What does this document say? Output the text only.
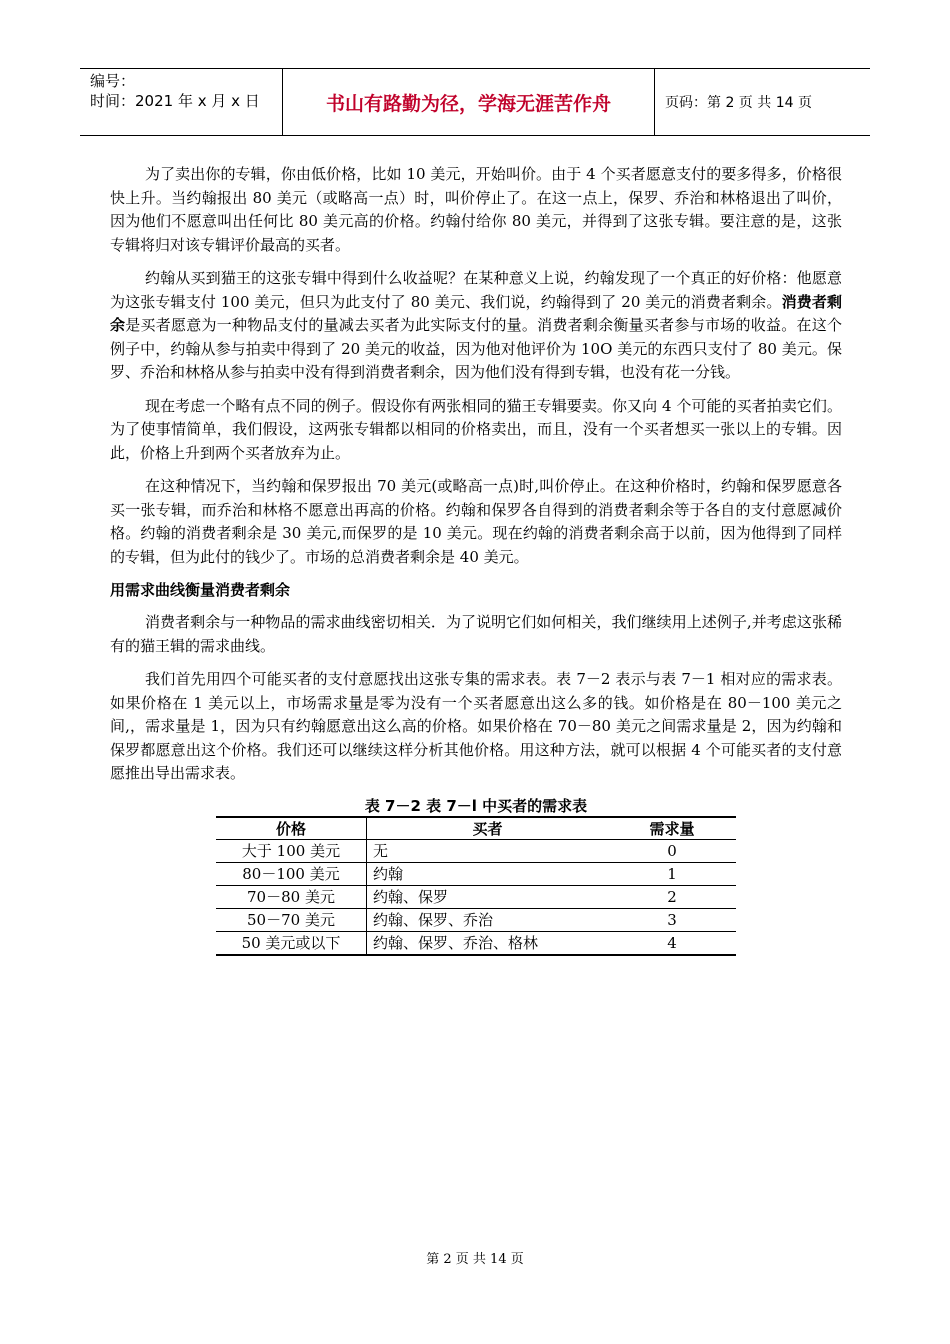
编号：
时间：2021 年 x 月 x 日	书山有路勤为径，学海无涯苦作舟	页码：第 2 页 共 14 页

为了卖出你的专辑，你由低价格，比如 10 美元，开始叫价。由于 4 个买者愿意支付的要多得多，价格很快上升。当约翰报出 80 美元（或略高一点）时，叫价停止了。在这一点上，保罗、乔治和林格退出了叫价，因为他们不愿意叫出任何比 80 美元高的价格。约翰付给你 80 美元，并得到了这张专辑。要注意的是，这张专辑将归对该专辑评价最高的买者。

约翰从买到猫王的这张专辑中得到什么收益呢？在某种意义上说，约翰发现了一个真正的好价格：他愿意为这张专辑支付 100 美元，但只为此支付了 80 美元、我们说，约翰得到了 20 美元的消费者剩余。消费者剩余是买者愿意为一种物品支付的量减去买者为此实际支付的量。消费者剩余衡量买者参与市场的收益。在这个例子中，约翰从参与拍卖中得到了 20 美元的收益，因为他对他评价为 10O 美元的东西只支付了 80 美元。保罗、乔治和林格从参与拍卖中没有得到消费者剩余，因为他们没有得到专辑，也没有花一分钱。

现在考虑一个略有点不同的例子。假设你有两张相同的猫王专辑要卖。你又向 4 个可能的买者拍卖它们。为了使事情简单，我们假设，这两张专辑都以相同的价格卖出，而且，没有一个买者想买一张以上的专辑。因此，价格上升到两个买者放弃为止。

在这种情况下，当约翰和保罗报出 70 美元(或略高一点)时,叫价停止。在这种价格时，约翰和保罗愿意各买一张专辑，而乔治和林格不愿意出再高的价格。约翰和保罗各自得到的消费者剩余等于各自的支付意愿减价格。约翰的消费者剩余是 30 美元,而保罗的是 10 美元。现在约翰的消费者剩余高于以前，因为他得到了同样的专辑，但为此付的钱少了。市场的总消费者剩余是 40 美元。

用需求曲线衡量消费者剩余

消费者剩余与一种物品的需求曲线密切相关．为了说明它们如何相关，我们继续用上述例子,并考虑这张稀有的猫王辑的需求曲线。

我们首先用四个可能买者的支付意愿找出这张专集的需求表。表 7－2 表示与表 7－1 相对应的需求表。如果价格在 1 美元以上，市场需求量是零为没有一个买者愿意出这么多的钱。如价格是在 80－100 美元之间,，需求量是 1，因为只有约翰愿意出这么高的价格。如果价格在 70－80 美元之间需求量是 2，因为约翰和保罗都愿意出这个价格。我们还可以继续这样分析其他价格。用这种方法，就可以根据 4 个可能买者的支付意愿推出导出需求表。

表 7－2 表 7－l 中买者的需求表
价格	买者	需求量
大于 100 美元	无	0
80－100 美元	约翰	1
70－80 美元	约翰、保罗	2
50－70 美元	约翰、保罗、乔治	3
50 美元或以下	约翰、保罗、乔治、格林	4
第 2 页 共 14 页
